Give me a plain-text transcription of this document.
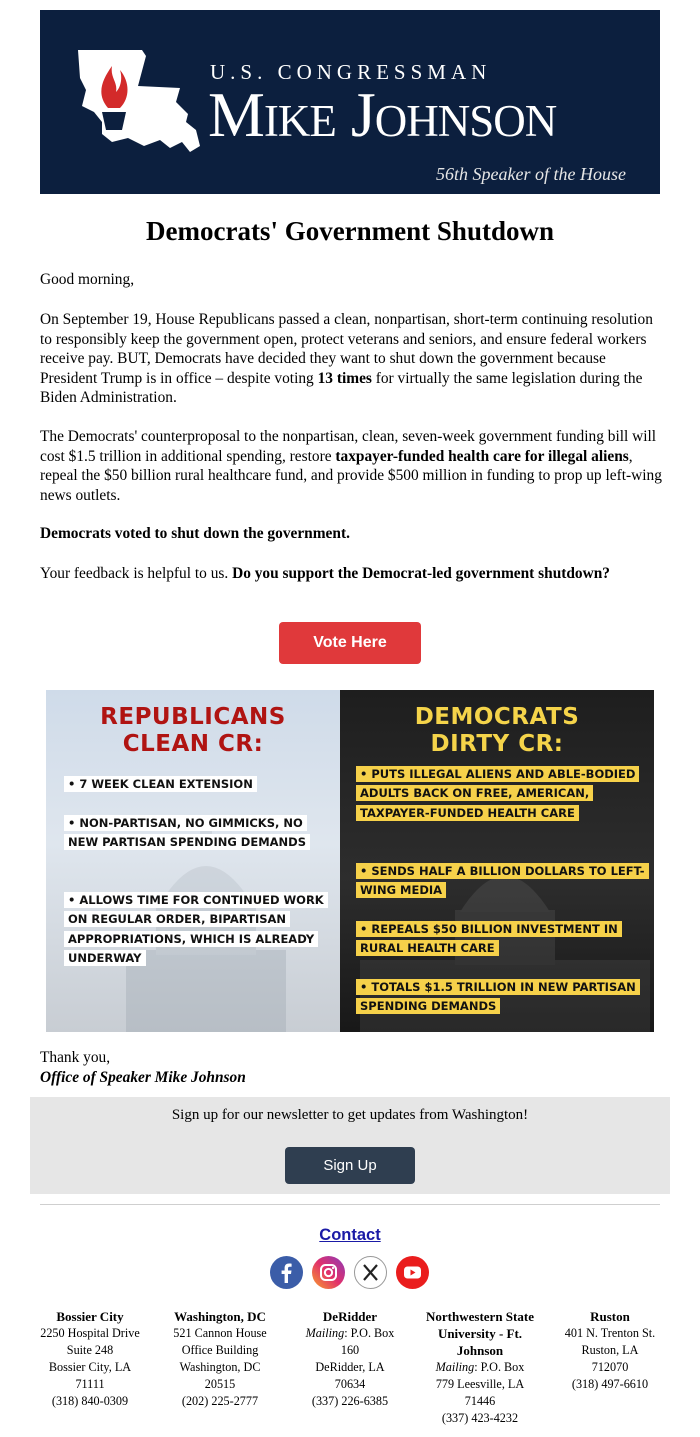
U.S. CONGRESSMAN
Mike Johnson
56th Speaker of the House
Democrats' Government Shutdown
Good morning,
On September 19, House Republicans passed a clean, nonpartisan, short-term continuing resolution to responsibly keep the government open, protect veterans and seniors, and ensure federal workers receive pay. BUT, Democrats have decided they want to shut down the government because President Trump is in office – despite voting 13 times for virtually the same legislation during the Biden Administration.
The Democrats' counterproposal to the nonpartisan, clean, seven-week government funding bill will cost $1.5 trillion in additional spending, restore taxpayer-funded health care for illegal aliens, repeal the $50 billion rural healthcare fund, and provide $500 million in funding to prop up left-wing news outlets.
Democrats voted to shut down the government.
Your feedback is helpful to us. Do you support the Democrat-led government shutdown?
Vote Here
REPUBLICANS
CLEAN CR:
• 7 WEEK CLEAN EXTENSION
• NON-PARTISAN, NO GIMMICKS, NO NEW PARTISAN SPENDING DEMANDS
• ALLOWS TIME FOR CONTINUED WORK ON REGULAR ORDER, BIPARTISAN APPROPRIATIONS, WHICH IS ALREADY UNDERWAY
DEMOCRATS
DIRTY CR:
• PUTS ILLEGAL ALIENS AND ABLE-BODIED ADULTS BACK ON FREE, AMERICAN, TAXPAYER-FUNDED HEALTH CARE
• SENDS HALF A BILLION DOLLARS TO LEFT-WING MEDIA
• REPEALS $50 BILLION INVESTMENT IN RURAL HEALTH CARE
• TOTALS $1.5 TRILLION IN NEW PARTISAN SPENDING DEMANDS
Thank you,
Office of Speaker Mike Johnson
Sign up for our newsletter to get updates from Washington!
Sign Up
Contact
Bossier City
2250 Hospital Drive
Suite 248
Bossier City, LA
71111
(318) 840-0309
Washington, DC
521 Cannon House
Office Building
Washington, DC
20515
(202) 225-2777
DeRidder
Mailing: P.O. Box 160
DeRidder, LA
70634
(337) 226-6385
Northwestern State University - Ft. Johnson
Mailing: P.O. Box 779 Leesville, LA
71446
(337) 423-4232
Ruston
401 N. Trenton St.
Ruston, LA
712070
(318) 497-6610
